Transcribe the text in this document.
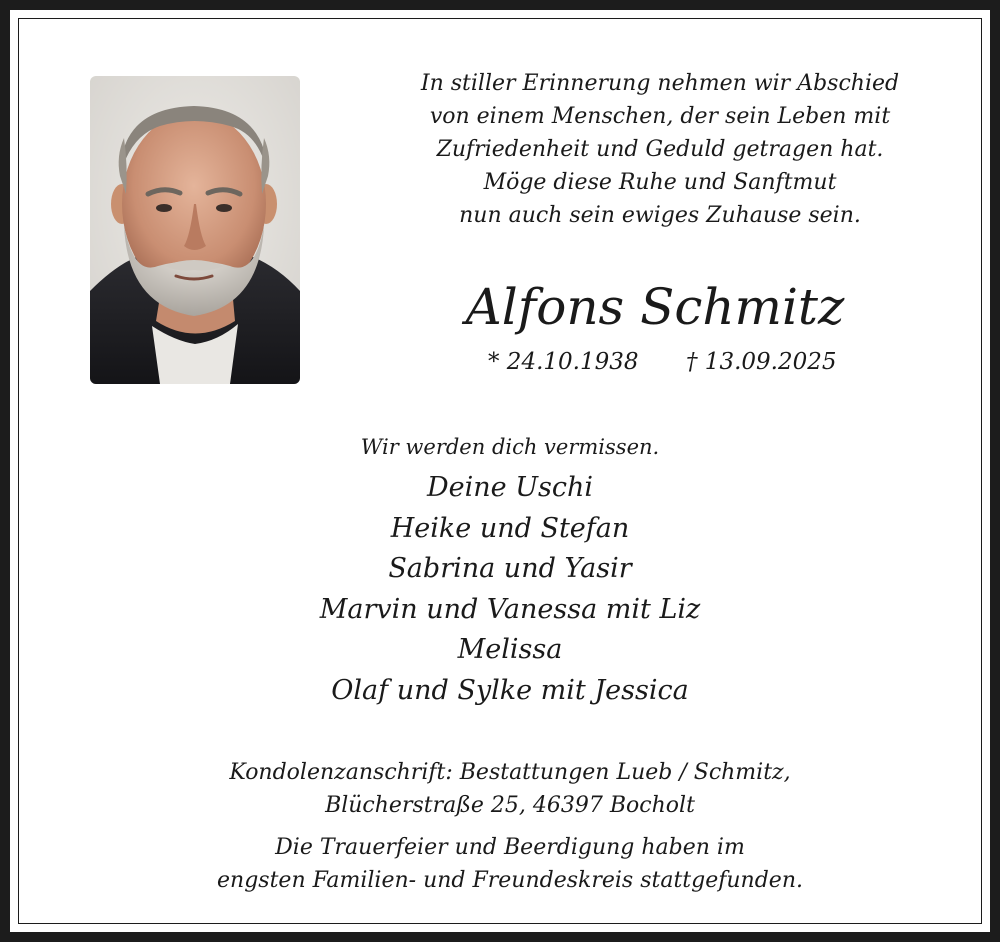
In stiller Erinnerung nehmen wir Abschied
von einem Menschen, der sein Leben mit
Zufriedenheit und Geduld getragen hat.
Möge diese Ruhe und Sanftmut
nun auch sein ewiges Zuhause sein.
Alfons Schmitz
* 24.10.1938 † 13.09.2025
Wir werden dich vermissen.
Deine Uschi
Heike und Stefan
Sabrina und Yasir
Marvin und Vanessa mit Liz
Melissa
Olaf und Sylke mit Jessica
Kondolenzanschrift: Bestattungen Lueb / Schmitz,
Blücherstraße 25, 46397 Bocholt
Die Trauerfeier und Beerdigung haben im
engsten Familien- und Freundeskreis stattgefunden.
